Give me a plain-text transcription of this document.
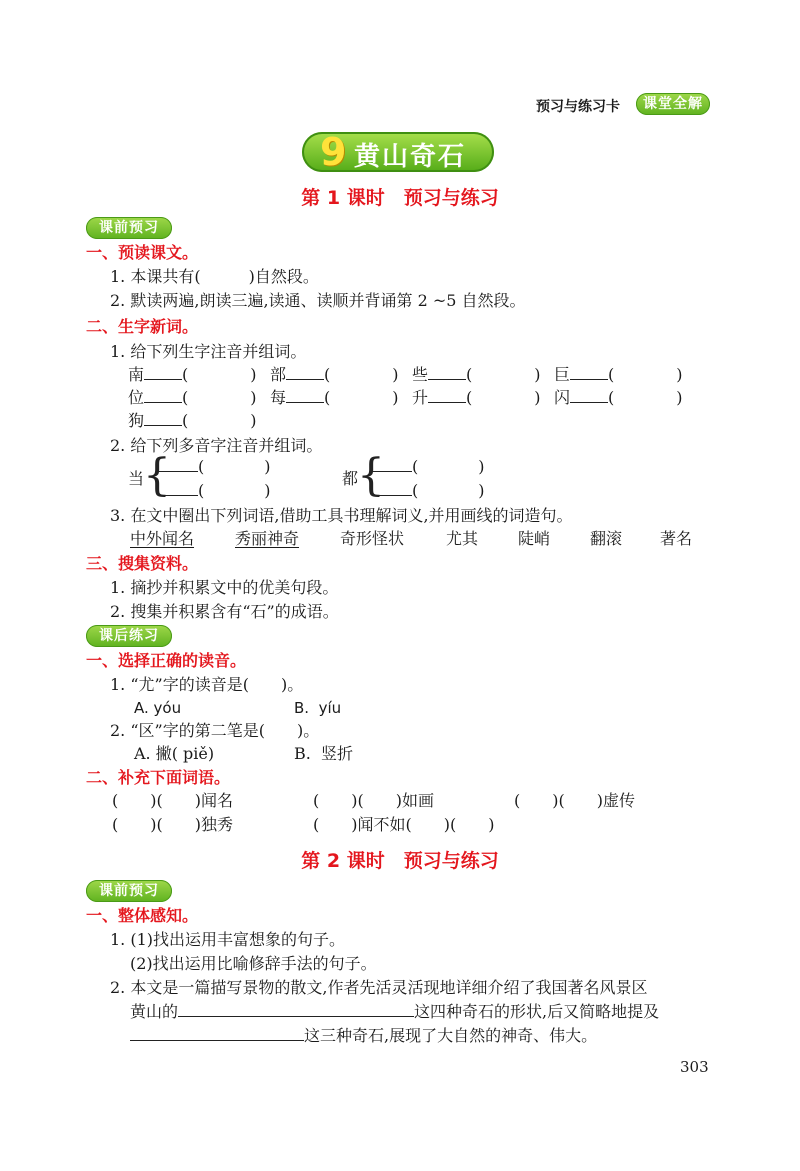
预习与练习卡	课堂全解
9 黄山奇石
第 1 课时　预习与练习
课前预习
一、预读课文。
1. 本课共有(　　　)自然段。
2. 默读两遍,朗读三遍,读通、读顺并背诵第 2 ~5 自然段。
二、生字新词。
1. 给下列生字注音并组词。
南 (	) 部 (	) 些 (	) 巨 (	)
位 (	) 每 (	) 升 (	) 闪 (	)
狗 (	)
2. 给下列多音字注音并组词。
当
{	(	)
(	)
都
{	(	)
(	)
3. 在文中圈出下列词语,借助工具书理解词义,并用画线的词造句。
中外闻名	秀丽神奇	奇形怪状	尤其 陡峭 翻滚 著名
三、搜集资料。
1. 摘抄并积累文中的优美句段。
2. 搜集并积累含有“石”的成语。
课后练习
一、选择正确的读音。
1. “尤”字的读音是(　　)。
A. yóu	B.  yíu
2. “区”字的第二笔是(　　)。
A. 撇( piě)	B.  竖折
二、补充下面词语。
(　　)(　　)闻名	(　　)(　　)如画	(　　)(　　)虚传
(　　)(　　)独秀	(　　)闻不如(　　)(　　)
第 2 课时　预习与练习
课前预习
一、整体感知。
1. (1)找出运用丰富想象的句子。
(2)找出运用比喻修辞手法的句子。
2. 本文是一篇描写景物的散文,作者先活灵活现地详细介绍了我国著名风景区
黄山的	这四种奇石的形状,后又简略地提及
这三种奇石,展现了大自然的神奇、伟大。
303
